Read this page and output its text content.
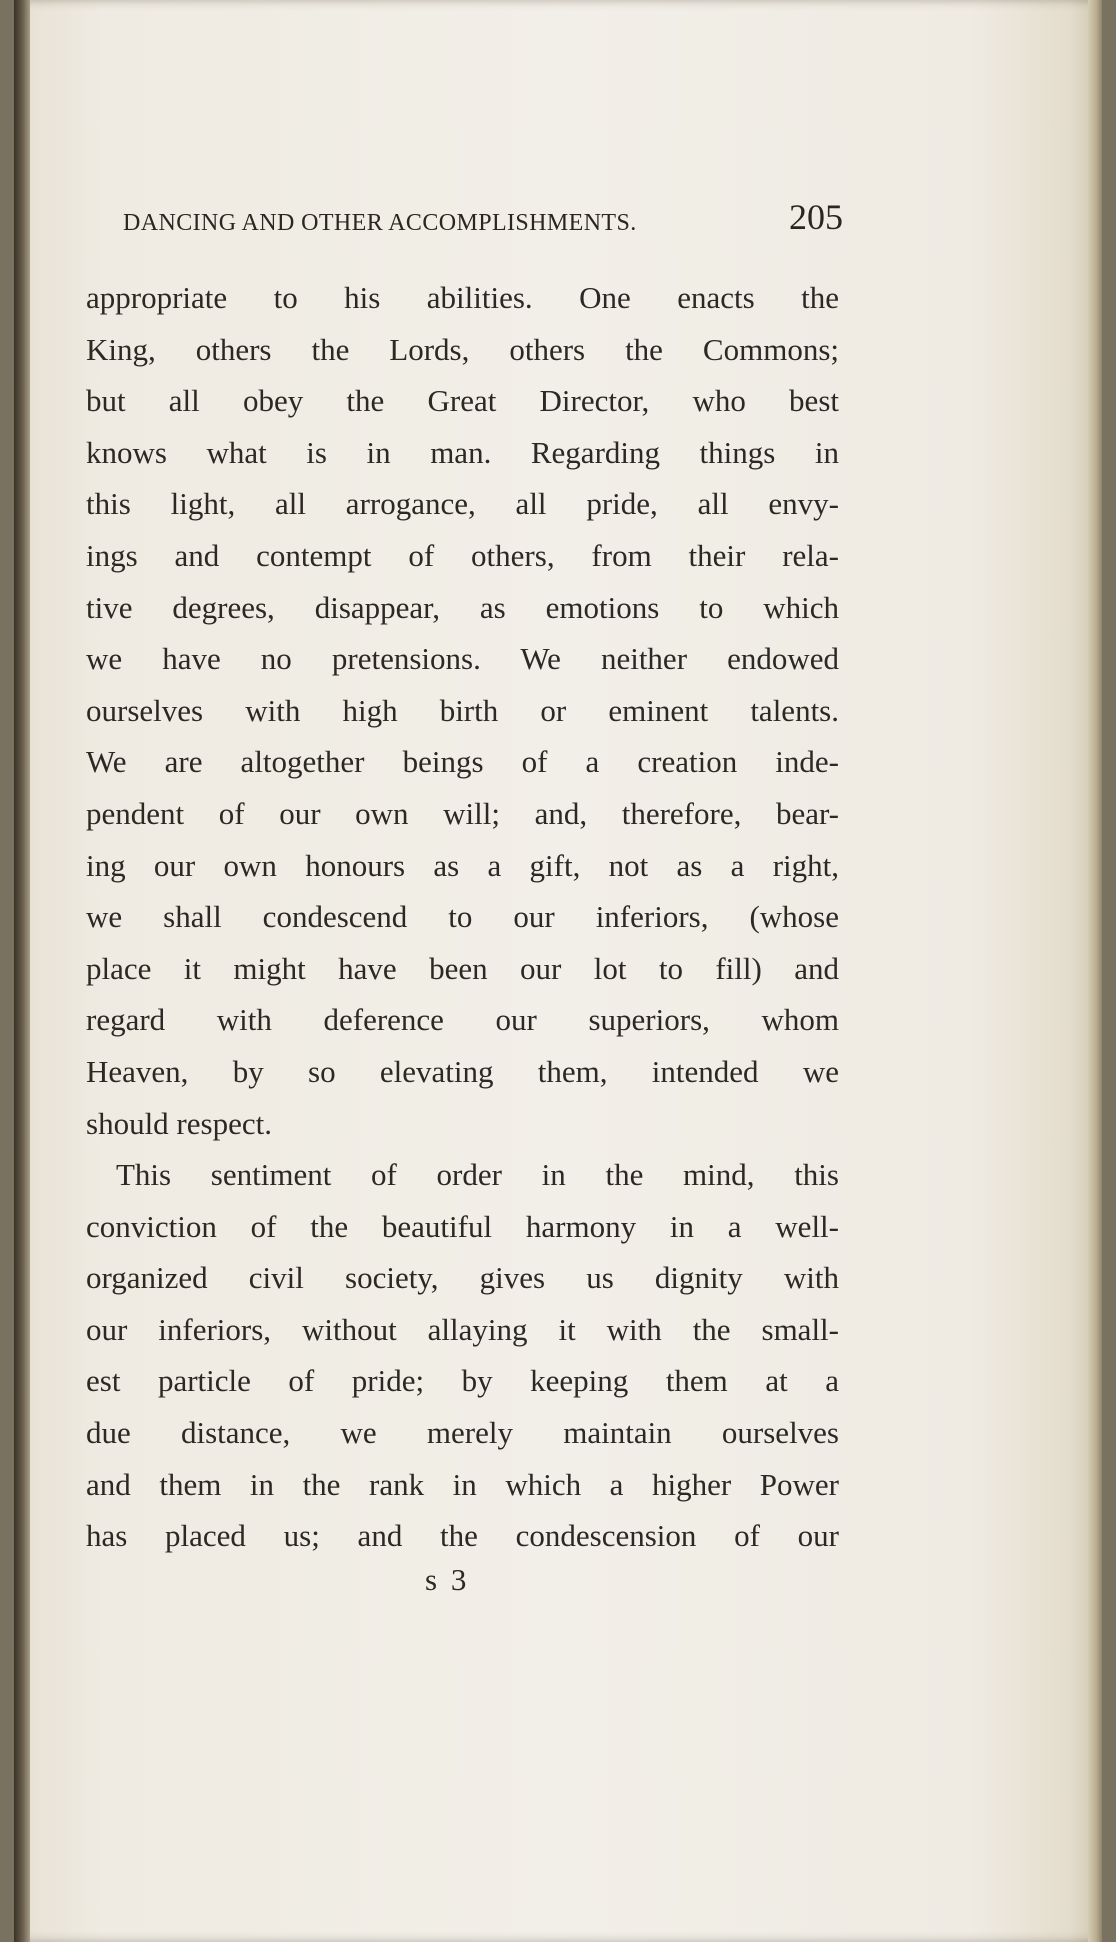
DANCING AND OTHER ACCOMPLISHMENTS.	205
appropriate to his abilities. One enacts the
King, others the Lords, others the Commons;
but all obey the Great Director, who best
knows what is in man. Regarding things in
this light, all arrogance, all pride, all envy-
ings and contempt of others, from their rela-
tive degrees, disappear, as emotions to which
we have no pretensions. We neither endowed
ourselves with high birth or eminent talents.
We are altogether beings of a creation inde-
pendent of our own will; and, therefore, bear-
ing our own honours as a gift, not as a right,
we shall condescend to our inferiors, (whose
place it might have been our lot to fill) and
regard with deference our superiors, whom
Heaven, by so elevating them, intended we
should respect.
This sentiment of order in the mind, this
conviction of the beautiful harmony in a well-
organized civil society, gives us dignity with
our inferiors, without allaying it with the small-
est particle of pride; by keeping them at a
due distance, we merely maintain ourselves
and them in the rank in which a higher Power
has placed us; and the condescension of our
s 3
